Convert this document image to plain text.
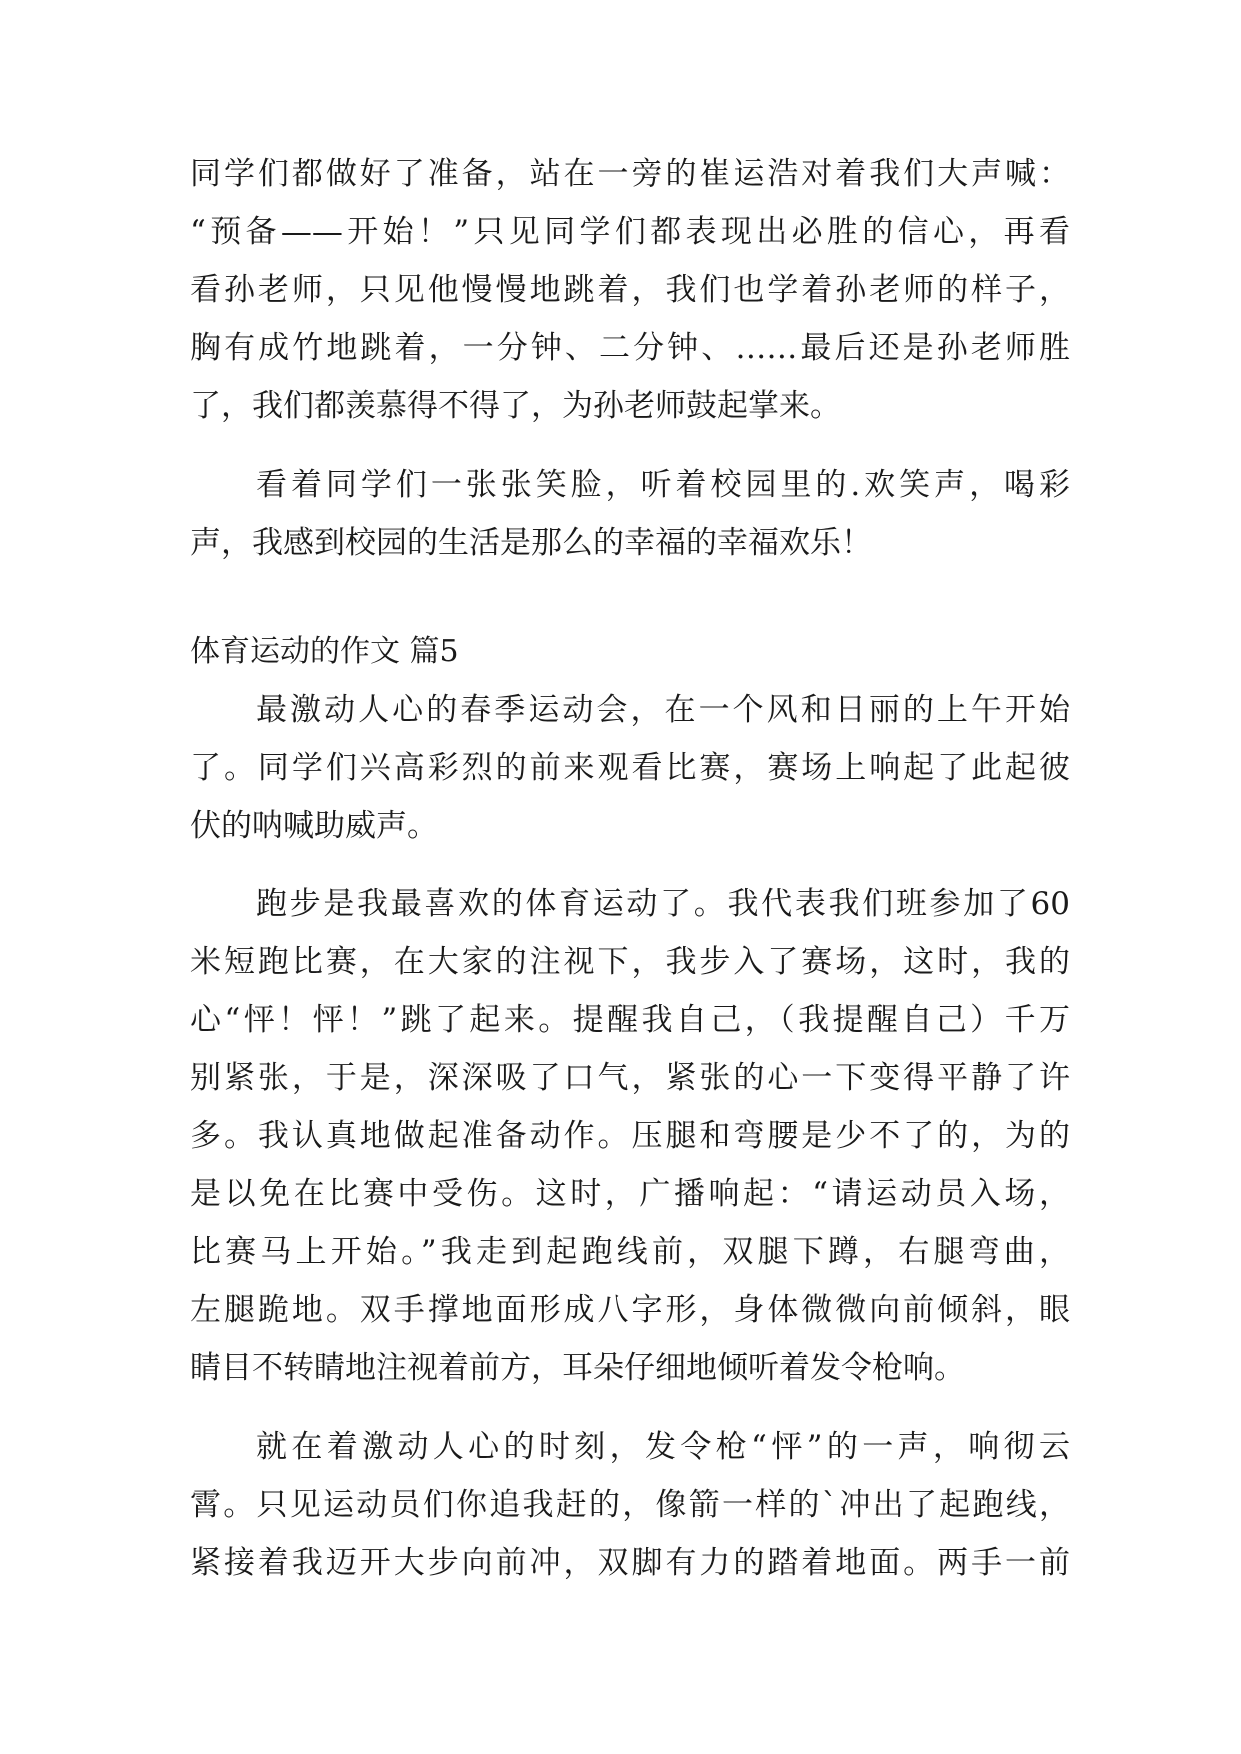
同学们都做好了准备，站在一旁的崔运浩对着我们大声喊：
“预备——开始！”只见同学们都表现出必胜的信心，再看
看孙老师，只见他慢慢地跳着，我们也学着孙老师的样子，
胸有成竹地跳着，一分钟、二分钟、……最后还是孙老师胜
了，我们都羡慕得不得了，为孙老师鼓起掌来。
看着同学们一张张笑脸，听着校园里的.欢笑声，喝彩
声，我感到校园的生活是那么的幸福的幸福欢乐！
体育运动的作文 篇5
最激动人心的春季运动会，在一个风和日丽的上午开始
了。同学们兴高彩烈的前来观看比赛，赛场上响起了此起彼
伏的呐喊助威声。
跑步是我最喜欢的体育运动了。我代表我们班参加了60
米短跑比赛，在大家的注视下，我步入了赛场，这时，我的
心“怦！怦！”跳了起来。提醒我自己，（我提醒自己）千万
别紧张，于是，深深吸了口气，紧张的心一下变得平静了许
多。我认真地做起准备动作。压腿和弯腰是少不了的，为的
是以免在比赛中受伤。这时，广播响起：“请运动员入场，
比赛马上开始。”我走到起跑线前，双腿下蹲，右腿弯曲，
左腿跪地。双手撑地面形成八字形，身体微微向前倾斜，眼
睛目不转睛地注视着前方，耳朵仔细地倾听着发令枪响。
就在着激动人心的时刻，发令枪“怦”的一声，响彻云
霄。只见运动员们你追我赶的，像箭一样的`冲出了起跑线，
紧接着我迈开大步向前冲，双脚有力的踏着地面。两手一前
